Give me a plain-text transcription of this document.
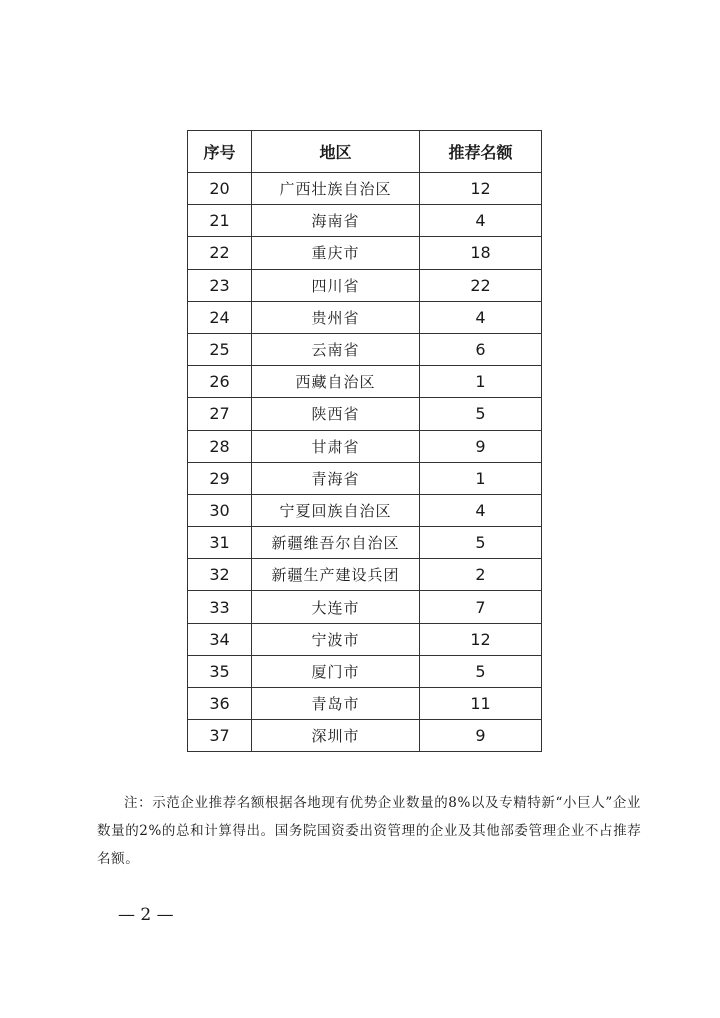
序号	地区	推荐名额
20	广西壮族自治区	12
21	海南省	4
22	重庆市	18
23	四川省	22
24	贵州省	4
25	云南省	6
26	西藏自治区	1
27	陕西省	5
28	甘肃省	9
29	青海省	1
30	宁夏回族自治区	4
31	新疆维吾尔自治区	5
32	新疆生产建设兵团	2
33	大连市	7
34	宁波市	12
35	厦门市	5
36	青岛市	11
37	深圳市	9

注：示范企业推荐名额根据各地现有优势企业数量的8%以及专精特新“小巨人”企业数量的2%的总和计算得出。国务院国资委出资管理的企业及其他部委管理企业不占推荐名额。

— 2 —
